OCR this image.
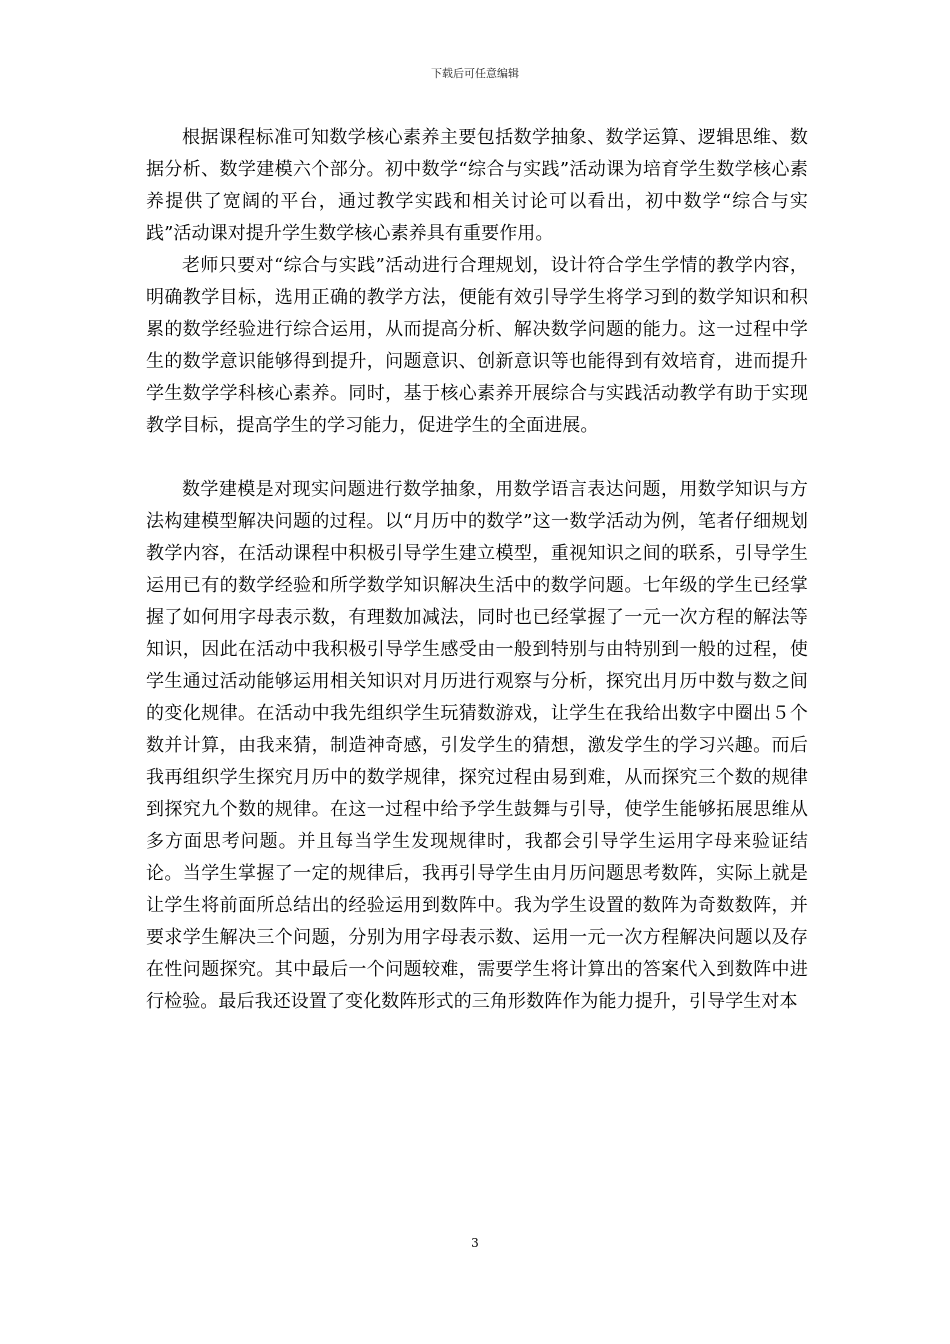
下载后可任意编辑

根据课程标准可知数学核心素养主要包括数学抽象、数学运算、逻辑思维、数据分析、数学建模六个部分。初中数学“综合与实践”活动课为培育学生数学核心素养提供了宽阔的平台，通过教学实践和相关讨论可以看出，初中数学“综合与实践”活动课对提升学生数学核心素养具有重要作用。

老师只要对“综合与实践”活动进行合理规划，设计符合学生学情的教学内容，明确教学目标，选用正确的教学方法，便能有效引导学生将学习到的数学知识和积累的数学经验进行综合运用，从而提高分析、解决数学问题的能力。这一过程中学生的数学意识能够得到提升，问题意识、创新意识等也能得到有效培育，进而提升学生数学学科核心素养。同时，基于核心素养开展综合与实践活动教学有助于实现教学目标，提高学生的学习能力，促进学生的全面进展。

数学建模是对现实问题进行数学抽象，用数学语言表达问题，用数学知识与方法构建模型解决问题的过程。以“月历中的数学”这一数学活动为例，笔者仔细规划教学内容，在活动课程中积极引导学生建立模型，重视知识之间的联系，引导学生运用已有的数学经验和所学数学知识解决生活中的数学问题。七年级的学生已经掌握了如何用字母表示数，有理数加减法，同时也已经掌握了一元一次方程的解法等知识，因此在活动中我积极引导学生感受由一般到特别与由特别到一般的过程，使学生通过活动能够运用相关知识对月历进行观察与分析，探究出月历中数与数之间的变化规律。在活动中我先组织学生玩猜数游戏，让学生在我给出数字中圈出５个数并计算，由我来猜，制造神奇感，引发学生的猜想，激发学生的学习兴趣。而后我再组织学生探究月历中的数学规律，探究过程由易到难，从而探究三个数的规律到探究九个数的规律。在这一过程中给予学生鼓舞与引导，使学生能够拓展思维从多方面思考问题。并且每当学生发现规律时，我都会引导学生运用字母来验证结论。当学生掌握了一定的规律后，我再引导学生由月历问题思考数阵，实际上就是让学生将前面所总结出的经验运用到数阵中。我为学生设置的数阵为奇数数阵，并要求学生解决三个问题，分别为用字母表示数、运用一元一次方程解决问题以及存在性问题探究。其中最后一个问题较难，需要学生将计算出的答案代入到数阵中进行检验。最后我还设置了变化数阵形式的三角形数阵作为能力提升，引导学生对本

3
